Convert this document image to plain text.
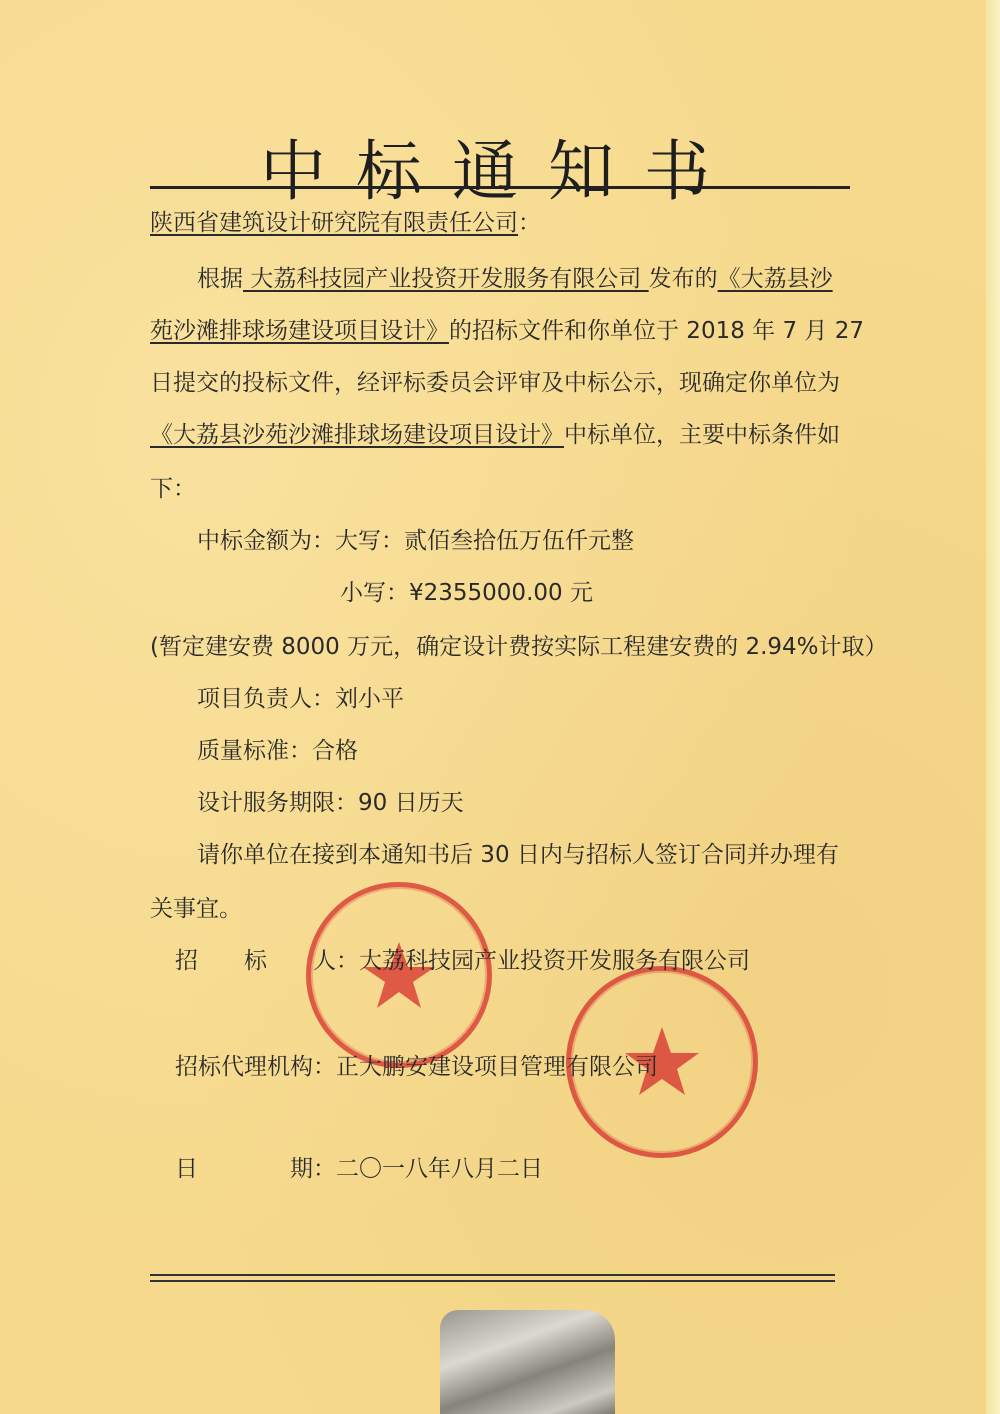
中标通知书
陕西省建筑设计研究院有限责任公司：
根据 大荔科技园产业投资开发服务有限公司 发布的《大荔县沙
苑沙滩排球场建设项目设计》的招标文件和你单位于 2018 年 7 月 27
日提交的投标文件，经评标委员会评审及中标公示，现确定你单位为
《大荔县沙苑沙滩排球场建设项目设计》中标单位，主要中标条件如
下：
中标金额为：大写：贰佰叁拾伍万伍仟元整
小写：¥2355000.00 元
(暂定建安费 8000 万元，确定设计费按实际工程建安费的 2.94%计取）
项目负责人：刘小平
质量标准：合格
设计服务期限：90 日历天
请你单位在接到本通知书后 30 日内与招标人签订合同并办理有
关事宜。
招　　标　　人：大荔科技园产业投资开发服务有限公司
招标代理机构：正大鹏安建设项目管理有限公司
日　　　　期：二〇一八年八月二日
